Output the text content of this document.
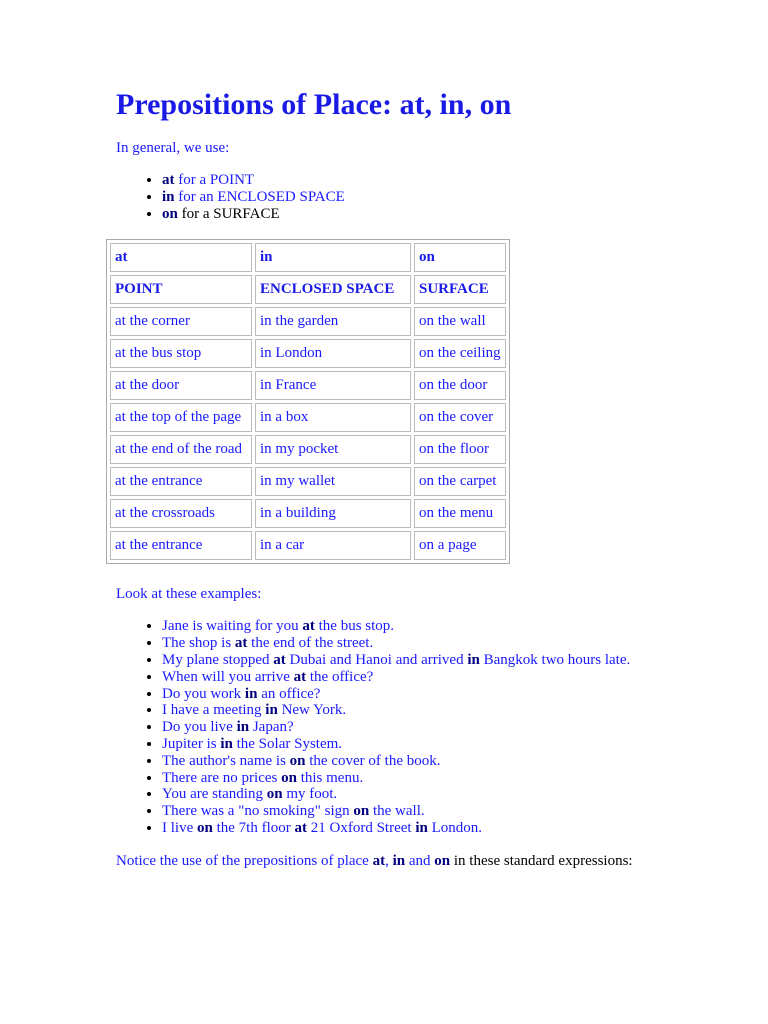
Prepositions of Place: at, in, on

In general, we use:

• at for a POINT
• in for an ENCLOSED SPACE
• on for a SURFACE
at	in	on
POINT	ENCLOSED SPACE	SURFACE
at the corner	in the garden	on the wall
at the bus stop	in London	on the ceiling
at the door	in France	on the door
at the top of the page	in a box	on the cover
at the end of the road	in my pocket	on the floor
at the entrance	in my wallet	on the carpet
at the crossroads	in a building	on the menu
at the entrance	in a car	on a page

Look at these examples:

• Jane is waiting for you at the bus stop.
• The shop is at the end of the street.
• My plane stopped at Dubai and Hanoi and arrived in Bangkok two hours late.
• When will you arrive at the office?
• Do you work in an office?
• I have a meeting in New York.
• Do you live in Japan?
• Jupiter is in the Solar System.
• The author's name is on the cover of the book.
• There are no prices on this menu.
• You are standing on my foot.
• There was a "no smoking" sign on the wall.
• I live on the 7th floor at 21 Oxford Street in London.

Notice the use of the prepositions of place at, in and on in these standard expressions:
